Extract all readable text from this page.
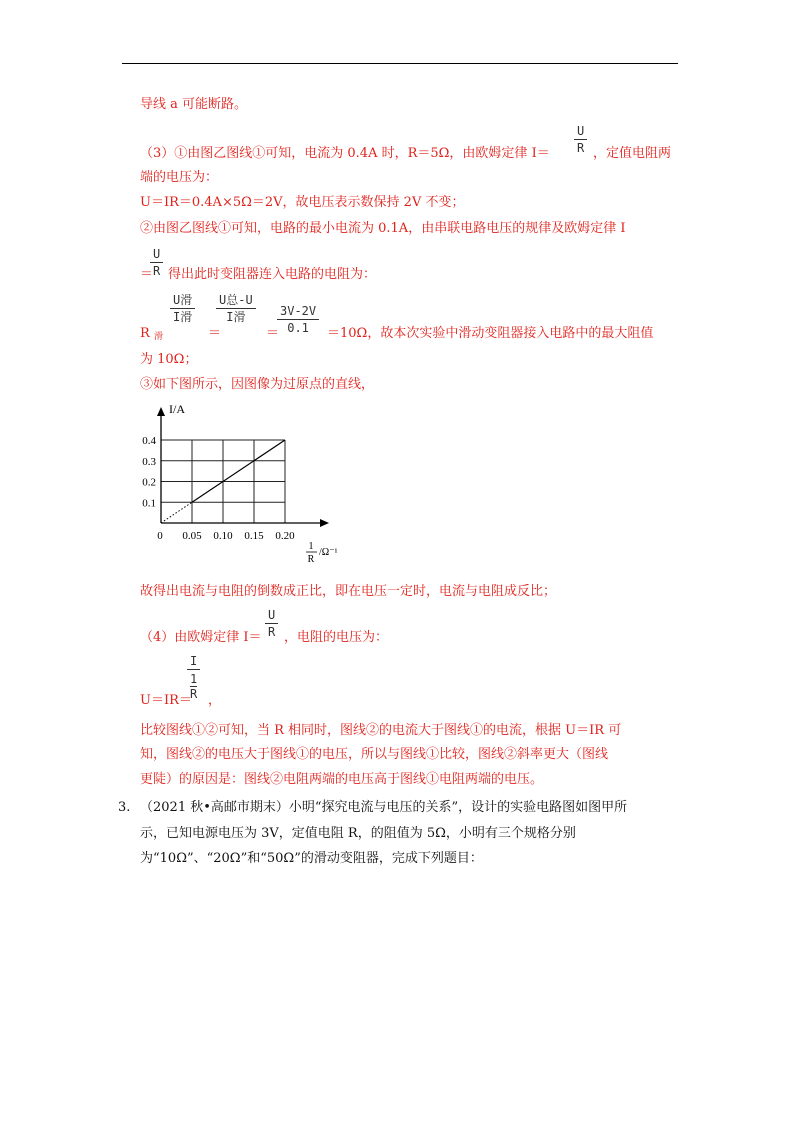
导线 a 可能断路。
（3）①由图乙图线①可知，电流为 0.4A 时，R＝5Ω，由欧姆定律 $I= \frac{U}{R}$ ，定值电阻两
端的电压为：
U＝IR＝0.4A×5Ω＝2V，故电压表示数保持 2V 不变；
②由图乙图线①可知，电路的最小电流为 0.1A，由串联电路电压的规律及欧姆定律 I
＝
$\frac{U}{R}$ 得出此时变阻器连入电路的电阻为：
U滑
I滑
＝
U总-U
I滑
＝
$\frac{3V-2V}{0.1}$
R $_滑$	＝10Ω，故本次实验中滑动变阻器接入电路中的最大阻值
为 10Ω；
③如下图所示，因图像为过原点的直线，
0 0.05 0.10 0.15 0.20
0.1
0.2
0.3
0.4
I/A
1
R
/Ω⁻¹
故得出电流与电阻的倒数成正比，即在电压一定时，电流与电阻成反比；
（4）由欧姆定律 $I= \frac{U}{R}$ ，电阻的电压为：
U＝IR＝
I
1
R ，
比较图线①②可知，当 R 相同时，图线②的电流大于图线①的电流，根据 U＝IR 可
知，图线②的电压大于图线①的电压，所以与图线①比较，图线②斜率更大（图线
更陡）的原因是：图线②电阻两端的电压高于图线①电阻两端的电压。
3. （2021 秋•高邮市期末）小明“探究电流与电压的关系”，设计的实验电路图如图甲所
示，已知电源电压为 3V，定值电阻 R，的阻值为 5Ω，小明有三个规格分别
为“10Ω”、“20Ω”和“50Ω”的滑动变阻器，完成下列题目：
